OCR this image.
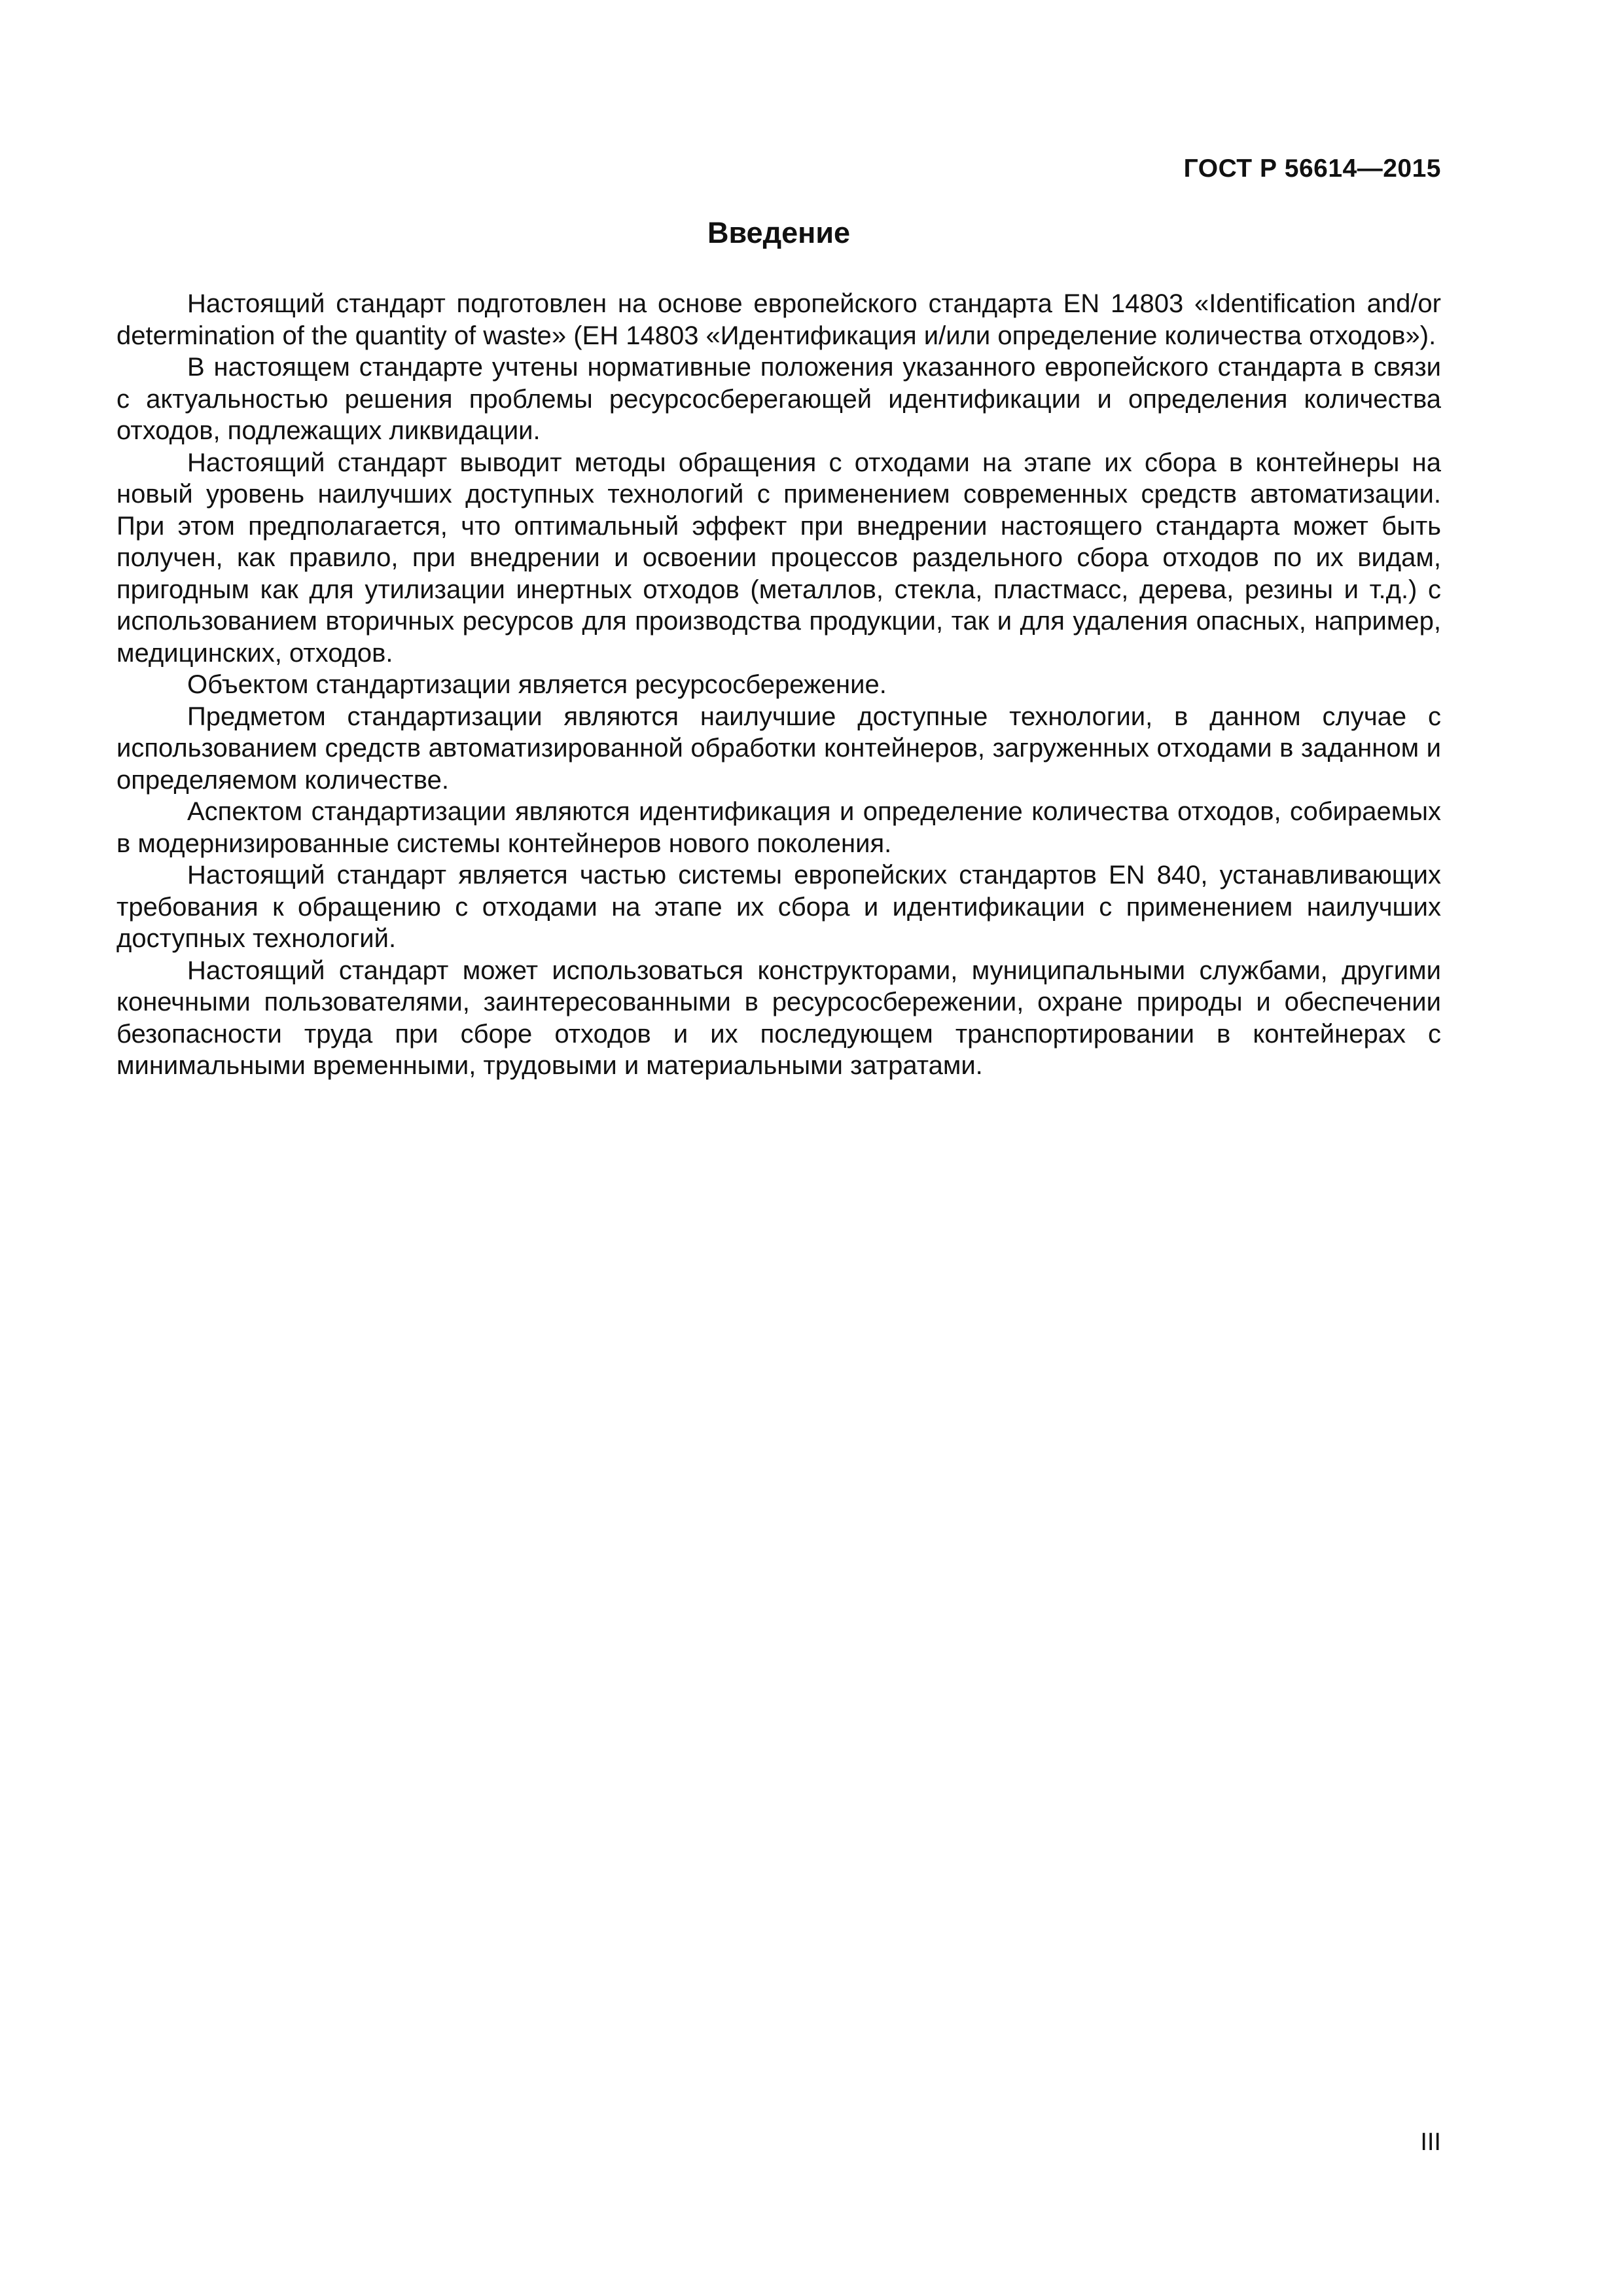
ГОСТ Р 56614—2015
Введение

Настоящий стандарт подготовлен на основе европейского стандарта EN 14803 «Identification and/or determination of the quantity of waste» (ЕН 14803 «Идентификация и/или определение количества отходов»).

В настоящем стандарте учтены нормативные положения указанного европейского стандарта в связи с актуальностью решения проблемы ресурсосберегающей идентификации и определения количества отходов, подлежащих ликвидации.

Настоящий стандарт выводит методы обращения с отходами на этапе их сбора в контейнеры на новый уровень наилучших доступных технологий с применением современных средств автоматизации. При этом предполагается, что оптимальный эффект при внедрении настоящего стандарта может быть получен, как правило, при внедрении и освоении процессов раздельного сбора отходов по их видам, пригодным как для утилизации инертных отходов (металлов, стекла, пластмасс, дерева, резины и т.д.) с использованием вторичных ресурсов для производства продукции, так и для удаления опасных, например, медицинских, отходов.

Объектом стандартизации является ресурсосбережение.

Предметом стандартизации являются наилучшие доступные технологии, в данном случае с использованием средств автоматизированной обработки контейнеров, загруженных отходами в заданном и определяемом количестве.

Аспектом стандартизации являются идентификация и определение количества отходов, собираемых в модернизированные системы контейнеров нового поколения.

Настоящий стандарт является частью системы европейских стандартов EN 840, устанавливающих требования к обращению с отходами на этапе их сбора и идентификации с применением наилучших доступных технологий.

Настоящий стандарт может использоваться конструкторами, муниципальными службами, другими конечными пользователями, заинтересованными в ресурсосбережении, охране природы и обеспечении безопасности труда при сборе отходов и их последующем транспортировании в контейнерах с минимальными временными, трудовыми и материальными затратами.

III
